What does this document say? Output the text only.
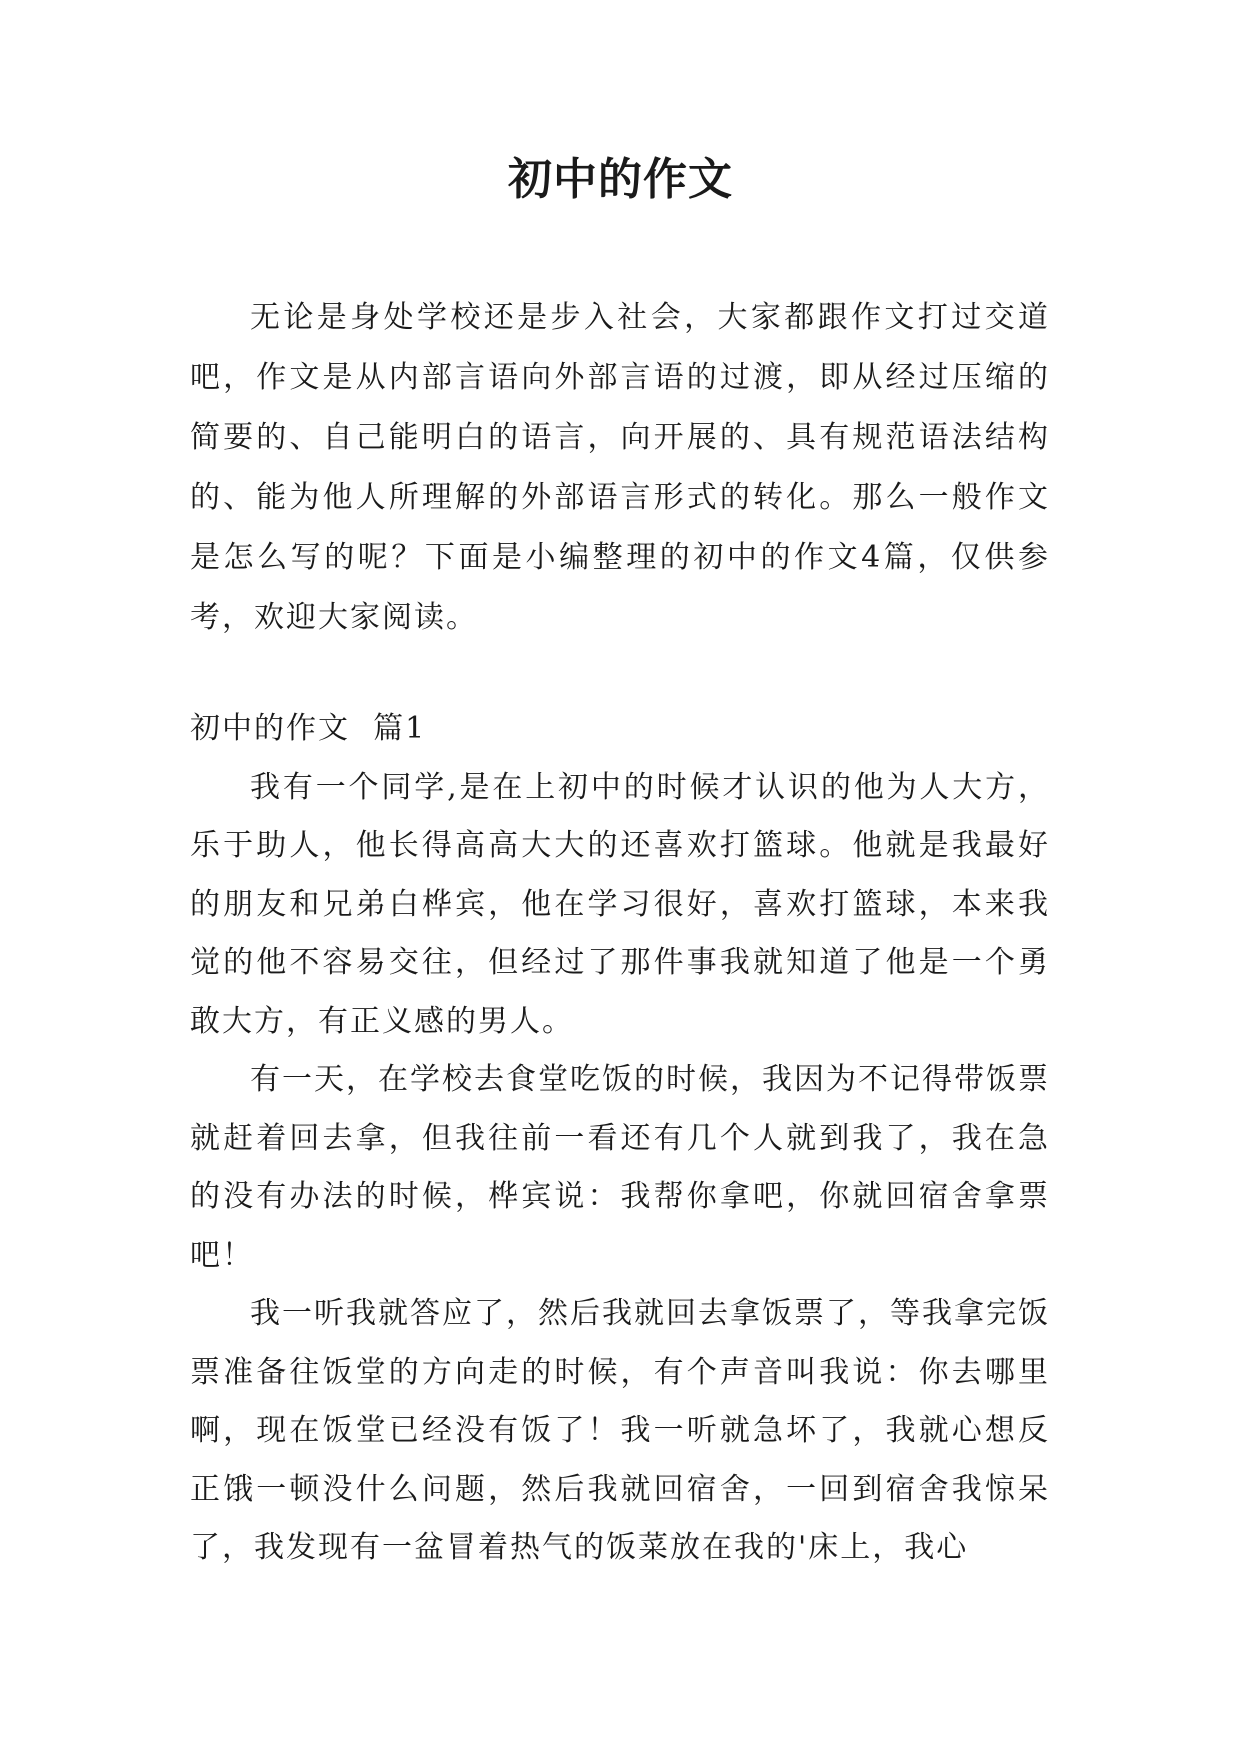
初中的作文

无论是身处学校还是步入社会，大家都跟作文打过交道吧，作文是从内部言语向外部言语的过渡，即从经过压缩的简要的、自己能明白的语言，向开展的、具有规范语法结构的、能为他人所理解的外部语言形式的转化。那么一般作文是怎么写的呢？下面是小编整理的初中的作文4篇，仅供参考，欢迎大家阅读。

初中的作文  篇1

我有一个同学,是在上初中的时候才认识的他为人大方，乐于助人，他长得高高大大的还喜欢打篮球。他就是我最好的朋友和兄弟白桦宾，他在学习很好，喜欢打篮球，本来我觉的他不容易交往，但经过了那件事我就知道了他是一个勇敢大方，有正义感的男人。

有一天，在学校去食堂吃饭的时候，我因为不记得带饭票就赶着回去拿，但我往前一看还有几个人就到我了，我在急的没有办法的时候，桦宾说：我帮你拿吧，你就回宿舍拿票吧！

我一听我就答应了，然后我就回去拿饭票了，等我拿完饭票准备往饭堂的方向走的时候，有个声音叫我说：你去哪里啊，现在饭堂已经没有饭了！我一听就急坏了，我就心想反正饿一顿没什么问题，然后我就回宿舍，一回到宿舍我惊呆了，我发现有一盆冒着热气的饭菜放在我的'床上，我心
